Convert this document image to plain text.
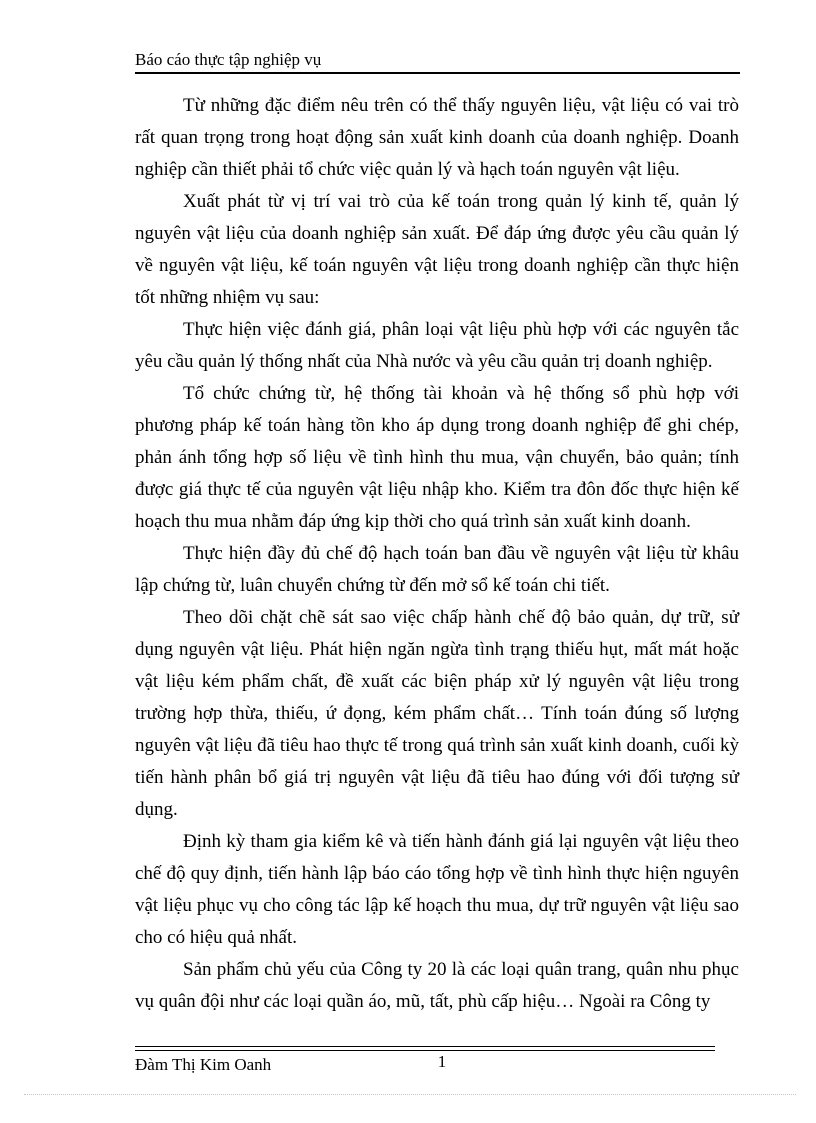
Báo cáo thực tập nghiệp vụ

Từ những đặc điểm nêu trên có thể thấy nguyên liệu, vật liệu có vai trò rất quan trọng trong hoạt động sản xuất kinh doanh của doanh nghiệp. Doanh nghiệp cần thiết phải tổ chức việc quản lý và hạch toán nguyên vật liệu.

Xuất phát từ vị trí vai trò của kế toán trong quản lý kinh tế, quản lý nguyên vật liệu của doanh nghiệp sản xuất. Để đáp ứng được yêu cầu quản lý về nguyên vật liệu, kế toán nguyên vật liệu trong doanh nghiệp cần thực hiện tốt những nhiệm vụ sau:

Thực hiện việc đánh giá, phân loại vật liệu phù hợp với các nguyên tắc yêu cầu quản lý thống nhất của Nhà nước và yêu cầu quản trị doanh nghiệp.

Tổ chức chứng từ, hệ thống tài khoản và hệ thống sổ phù hợp với phương pháp kế toán hàng tồn kho áp dụng trong doanh nghiệp để ghi chép, phản ánh tổng hợp số liệu về tình hình thu mua, vận chuyển, bảo quản; tính được giá thực tế của nguyên vật liệu nhập kho. Kiểm tra đôn đốc thực hiện kế hoạch thu mua nhằm đáp ứng kịp thời cho quá trình sản xuất kinh doanh.

Thực hiện đầy đủ chế độ hạch toán ban đầu về nguyên vật liệu từ khâu lập chứng từ, luân chuyển chứng từ đến mở sổ kế toán chi tiết.

Theo dõi chặt chẽ sát sao việc chấp hành chế độ bảo quản, dự trữ, sử dụng nguyên vật liệu. Phát hiện ngăn ngừa tình trạng thiếu hụt, mất mát hoặc vật liệu kém phẩm chất, đề xuất các biện pháp xử lý nguyên vật liệu trong trường hợp thừa, thiếu, ứ đọng, kém phẩm chất… Tính toán đúng số lượng nguyên vật liệu đã tiêu hao thực tế trong quá trình sản xuất kinh doanh, cuối kỳ tiến hành phân bổ giá trị nguyên vật liệu đã tiêu hao đúng với đối tượng sử dụng.

Định kỳ tham gia kiểm kê và tiến hành đánh giá lại nguyên vật liệu theo chế độ quy định, tiến hành lập báo cáo tổng hợp về tình hình thực hiện nguyên vật liệu phục vụ cho công tác lập kế hoạch thu mua, dự trữ nguyên vật liệu sao cho có hiệu quả nhất.

Sản phẩm chủ yếu của Công ty 20 là các loại quân trang, quân nhu phục vụ quân đội như các loại quần áo, mũ, tất, phù cấp hiệu… Ngoài ra Công ty

Đàm Thị Kim Oanh	1
